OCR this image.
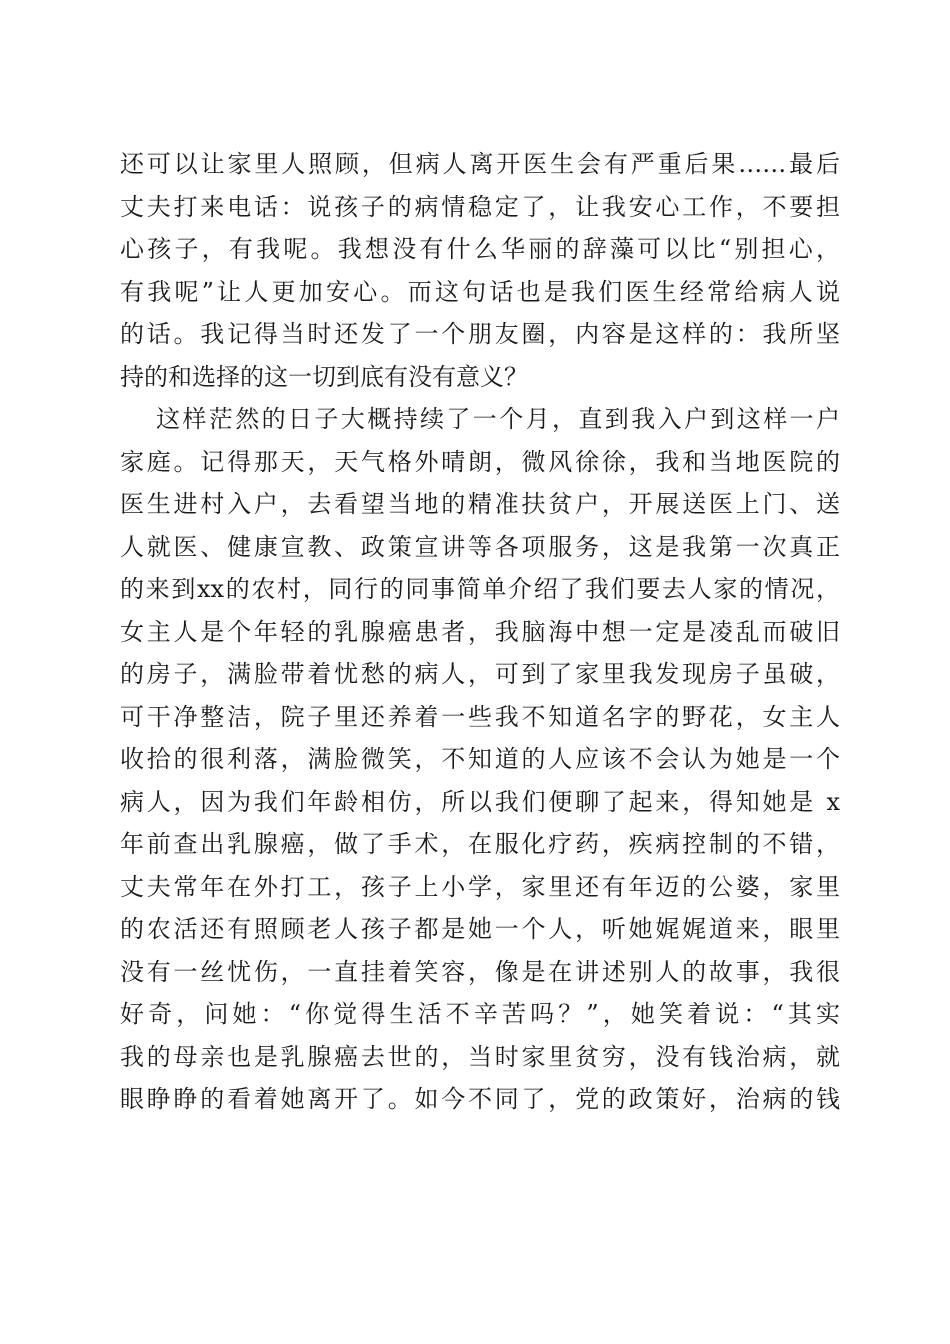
还可以让家里人照顾，但病人离开医生会有严重后果……最后
丈夫打来电话：说孩子的病情稳定了，让我安心工作，不要担
心孩子，有我呢。我想没有什么华丽的辞藻可以比“别担心，
有我呢”让人更加安心。而这句话也是我们医生经常给病人说
的话。我记得当时还发了一个朋友圈，内容是这样的：我所坚
持的和选择的这一切到底有没有意义？
这样茫然的日子大概持续了一个月，直到我入户到这样一户
家庭。记得那天，天气格外晴朗，微风徐徐，我和当地医院的
医生进村入户，去看望当地的精准扶贫户，开展送医上门、送
人就医、健康宣教、政策宣讲等各项服务，这是我第一次真正
的来到xx的农村，同行的同事简单介绍了我们要去人家的情况，
女主人是个年轻的乳腺癌患者，我脑海中想一定是凌乱而破旧
的房子，满脸带着忧愁的病人，可到了家里我发现房子虽破，
可干净整洁，院子里还养着一些我不知道名字的野花，女主人
收拾的很利落，满脸微笑，不知道的人应该不会认为她是一个
病人，因为我们年龄相仿，所以我们便聊了起来，得知她是 x
年前查出乳腺癌，做了手术，在服化疗药，疾病控制的不错，
丈夫常年在外打工，孩子上小学，家里还有年迈的公婆，家里
的农活还有照顾老人孩子都是她一个人，听她娓娓道来，眼里
没有一丝忧伤，一直挂着笑容，像是在讲述别人的故事，我很
好奇，问她：“你觉得生活不辛苦吗？”，她笑着说：“其实
我的母亲也是乳腺癌去世的，当时家里贫穷，没有钱治病，就
眼睁睁的看着她离开了。如今不同了，党的政策好，治病的钱
